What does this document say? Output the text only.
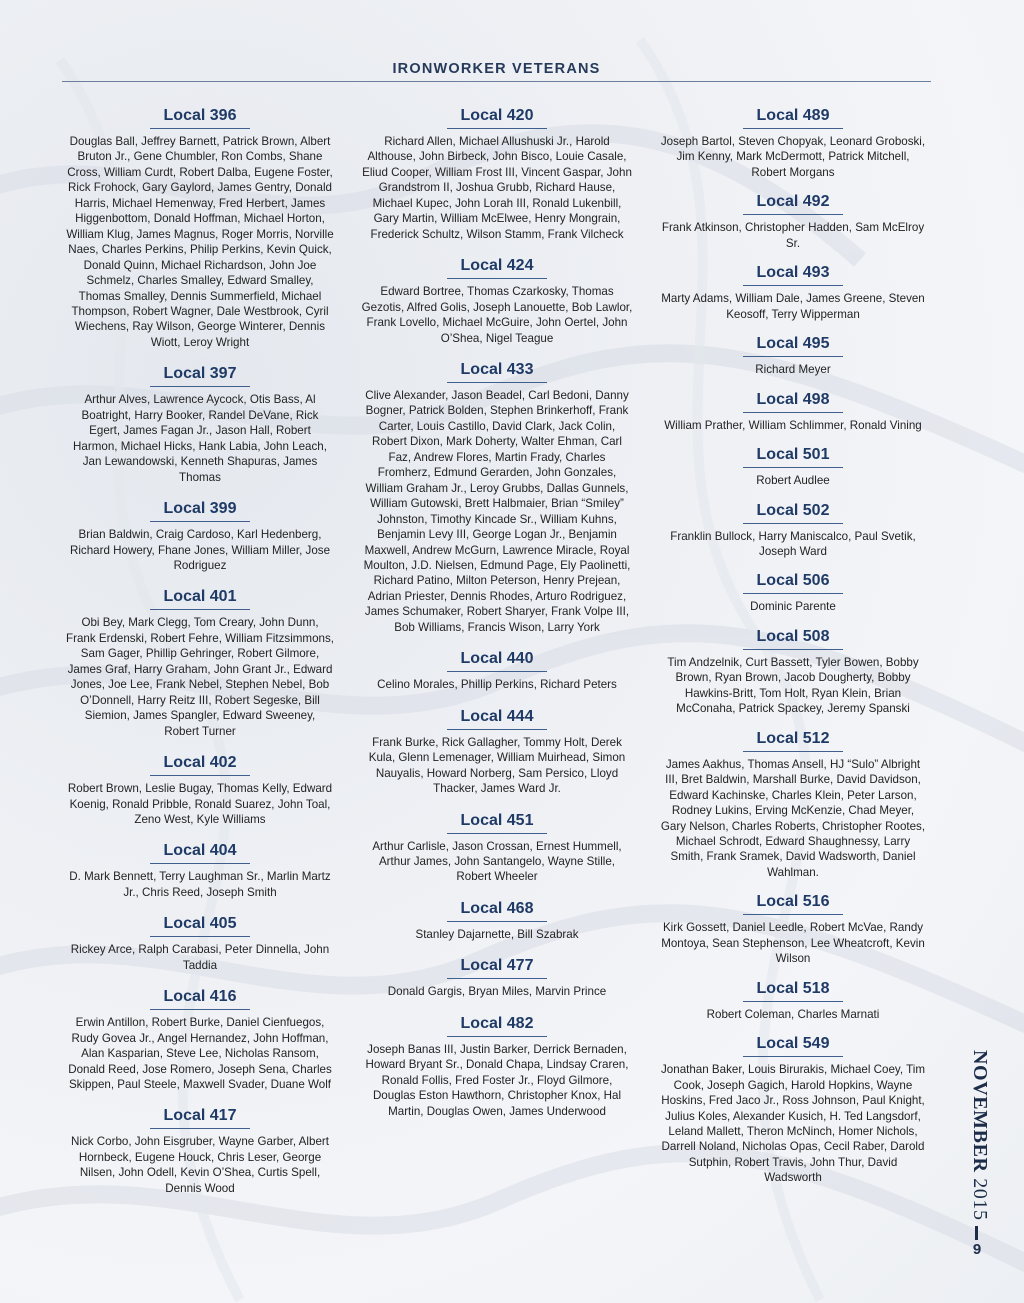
IRONWORKER VETERANS
Local 396
Douglas Ball, Jeffrey Barnett, Patrick Brown, Albert Bruton Jr., Gene Chumbler, Ron Combs, Shane Cross, William Curdt, Robert Dalba, Eugene Foster, Rick Frohock, Gary Gaylord, James Gentry, Donald Harris, Michael Hemenway, Fred Herbert, James Higgenbottom, Donald Hoffman, Michael Horton, William Klug, James Magnus, Roger Morris, Norville Naes, Charles Perkins, Philip Perkins, Kevin Quick, Donald Quinn, Michael Richardson, John Joe Schmelz, Charles Smalley, Edward Smalley, Thomas Smalley, Dennis Summerfield, Michael Thompson, Robert Wagner, Dale Westbrook, Cyril Wiechens, Ray Wilson, George Winterer, Dennis Wiott, Leroy Wright
Local 397
Arthur Alves, Lawrence Aycock, Otis Bass, Al Boatright, Harry Booker, Randel DeVane, Rick Egert, James Fagan Jr., Jason Hall, Robert Harmon, Michael Hicks, Hank Labia, John Leach, Jan Lewandowski, Kenneth Shapuras, James Thomas
Local 399
Brian Baldwin, Craig Cardoso, Karl Hedenberg, Richard Howery, Fhane Jones, William Miller, Jose Rodriguez
Local 401
Obi Bey, Mark Clegg, Tom Creary, John Dunn, Frank Erdenski, Robert Fehre, William Fitzsimmons, Sam Gager, Phillip Gehringer, Robert Gilmore, James Graf, Harry Graham, John Grant Jr., Edward Jones, Joe Lee, Frank Nebel, Stephen Nebel, Bob O’Donnell, Harry Reitz III, Robert Segeske, Bill Siemion, James Spangler, Edward Sweeney, Robert Turner
Local 402
Robert Brown, Leslie Bugay, Thomas Kelly, Edward Koenig, Ronald Pribble, Ronald Suarez, John Toal, Zeno West, Kyle Williams
Local 404
D. Mark Bennett, Terry Laughman Sr., Marlin Martz Jr., Chris Reed, Joseph Smith
Local 405
Rickey Arce, Ralph Carabasi, Peter Dinnella, John Taddia
Local 416
Erwin Antillon, Robert Burke, Daniel Cienfuegos, Rudy Govea Jr., Angel Hernandez, John Hoffman, Alan Kasparian, Steve Lee, Nicholas Ransom, Donald Reed, Jose Romero, Joseph Sena, Charles Skippen, Paul Steele, Maxwell Svader, Duane Wolf
Local 417
Nick Corbo, John Eisgruber, Wayne Garber, Albert Hornbeck, Eugene Houck, Chris Leser, George Nilsen, John Odell, Kevin O’Shea, Curtis Spell, Dennis Wood
Local 420
Richard Allen, Michael Allushuski Jr., Harold Althouse, John Birbeck, John Bisco, Louie Casale, Eliud Cooper, William Frost III, Vincent Gaspar, John Grandstrom II, Joshua Grubb, Richard Hause, Michael Kupec, John Lorah III, Ronald Lukenbill, Gary Martin, William McElwee, Henry Mongrain, Frederick Schultz, Wilson Stamm, Frank Vilcheck
Local 424
Edward Bortree, Thomas Czarkosky, Thomas Gezotis, Alfred Golis, Joseph Lanouette, Bob Lawlor, Frank Lovello, Michael McGuire, John Oertel, John O’Shea, Nigel Teague
Local 433
Clive Alexander, Jason Beadel, Carl Bedoni, Danny Bogner, Patrick Bolden, Stephen Brinkerhoff, Frank Carter, Louis Castillo, David Clark, Jack Colin, Robert Dixon, Mark Doherty, Walter Ehman, Carl Faz, Andrew Flores, Martin Frady, Charles Fromherz, Edmund Gerarden, John Gonzales, William Graham Jr., Leroy Grubbs, Dallas Gunnels, William Gutowski, Brett Halbmaier, Brian “Smiley” Johnston, Timothy Kincade Sr., William Kuhns, Benjamin Levy III, George Logan Jr., Benjamin Maxwell, Andrew McGurn, Lawrence Miracle, Royal Moulton, J.D. Nielsen, Edmund Page, Ely Paolinetti, Richard Patino, Milton Peterson, Henry Prejean, Adrian Priester, Dennis Rhodes, Arturo Rodriguez, James Schumaker, Robert Sharyer, Frank Volpe III, Bob Williams, Francis Wison, Larry York
Local 440
Celino Morales, Phillip Perkins, Richard Peters
Local 444
Frank Burke, Rick Gallagher, Tommy Holt, Derek Kula, Glenn Lemenager, William Muirhead, Simon Nauyalis, Howard Norberg, Sam Persico, Lloyd Thacker, James Ward Jr.
Local 451
Arthur Carlisle, Jason Crossan, Ernest Hummell, Arthur James, John Santangelo, Wayne Stille, Robert Wheeler
Local 468
Stanley Dajarnette, Bill Szabrak
Local 477
Donald Gargis, Bryan Miles, Marvin Prince
Local 482
Joseph Banas III, Justin Barker, Derrick Bernaden, Howard Bryant Sr., Donald Chapa, Lindsay Craren, Ronald Follis, Fred Foster Jr., Floyd Gilmore, Douglas Eston Hawthorn, Christopher Knox, Hal Martin, Douglas Owen, James Underwood
Local 489
Joseph Bartol, Steven Chopyak, Leonard Groboski, Jim Kenny, Mark McDermott, Patrick Mitchell, Robert Morgans
Local 492
Frank Atkinson, Christopher Hadden, Sam McElroy Sr.
Local 493
Marty Adams, William Dale, James Greene, Steven Keosoff, Terry Wipperman
Local 495
Richard Meyer
Local 498
William Prather, William Schlimmer, Ronald Vining
Local 501
Robert Audlee
Local 502
Franklin Bullock, Harry Maniscalco, Paul Svetik, Joseph Ward
Local 506
Dominic Parente
Local 508
Tim Andzelnik, Curt Bassett, Tyler Bowen, Bobby Brown, Ryan Brown, Jacob Dougherty, Bobby Hawkins-Britt, Tom Holt, Ryan Klein, Brian McConaha, Patrick Spackey, Jeremy Spanski
Local 512
James Aakhus, Thomas Ansell, HJ “Sulo” Albright III, Bret Baldwin, Marshall Burke, David Davidson, Edward Kachinske, Charles Klein, Peter Larson, Rodney Lukins, Erving McKenzie, Chad Meyer, Gary Nelson, Charles Roberts, Christopher Rootes, Michael Schrodt, Edward Shaughnessy, Larry Smith, Frank Sramek, David Wadsworth, Daniel Wahlman.
Local 516
Kirk Gossett, Daniel Leedle, Robert McVae, Randy Montoya, Sean Stephenson, Lee Wheatcroft, Kevin Wilson
Local 518
Robert Coleman, Charles Marnati
Local 549
Jonathan Baker, Louis Birurakis, Michael Coey, Tim Cook, Joseph Gagich, Harold Hopkins, Wayne Hoskins, Fred Jaco Jr., Ross Johnson, Paul Knight, Julius Koles, Alexander Kusich, H. Ted Langsdorf, Leland Mallett, Theron McNinch, Homer Nichols, Darrell Noland, Nicholas Opas, Cecil Raber, Darold Sutphin, Robert Travis, John Thur, David Wadsworth
NOVEMBER 2015
9
